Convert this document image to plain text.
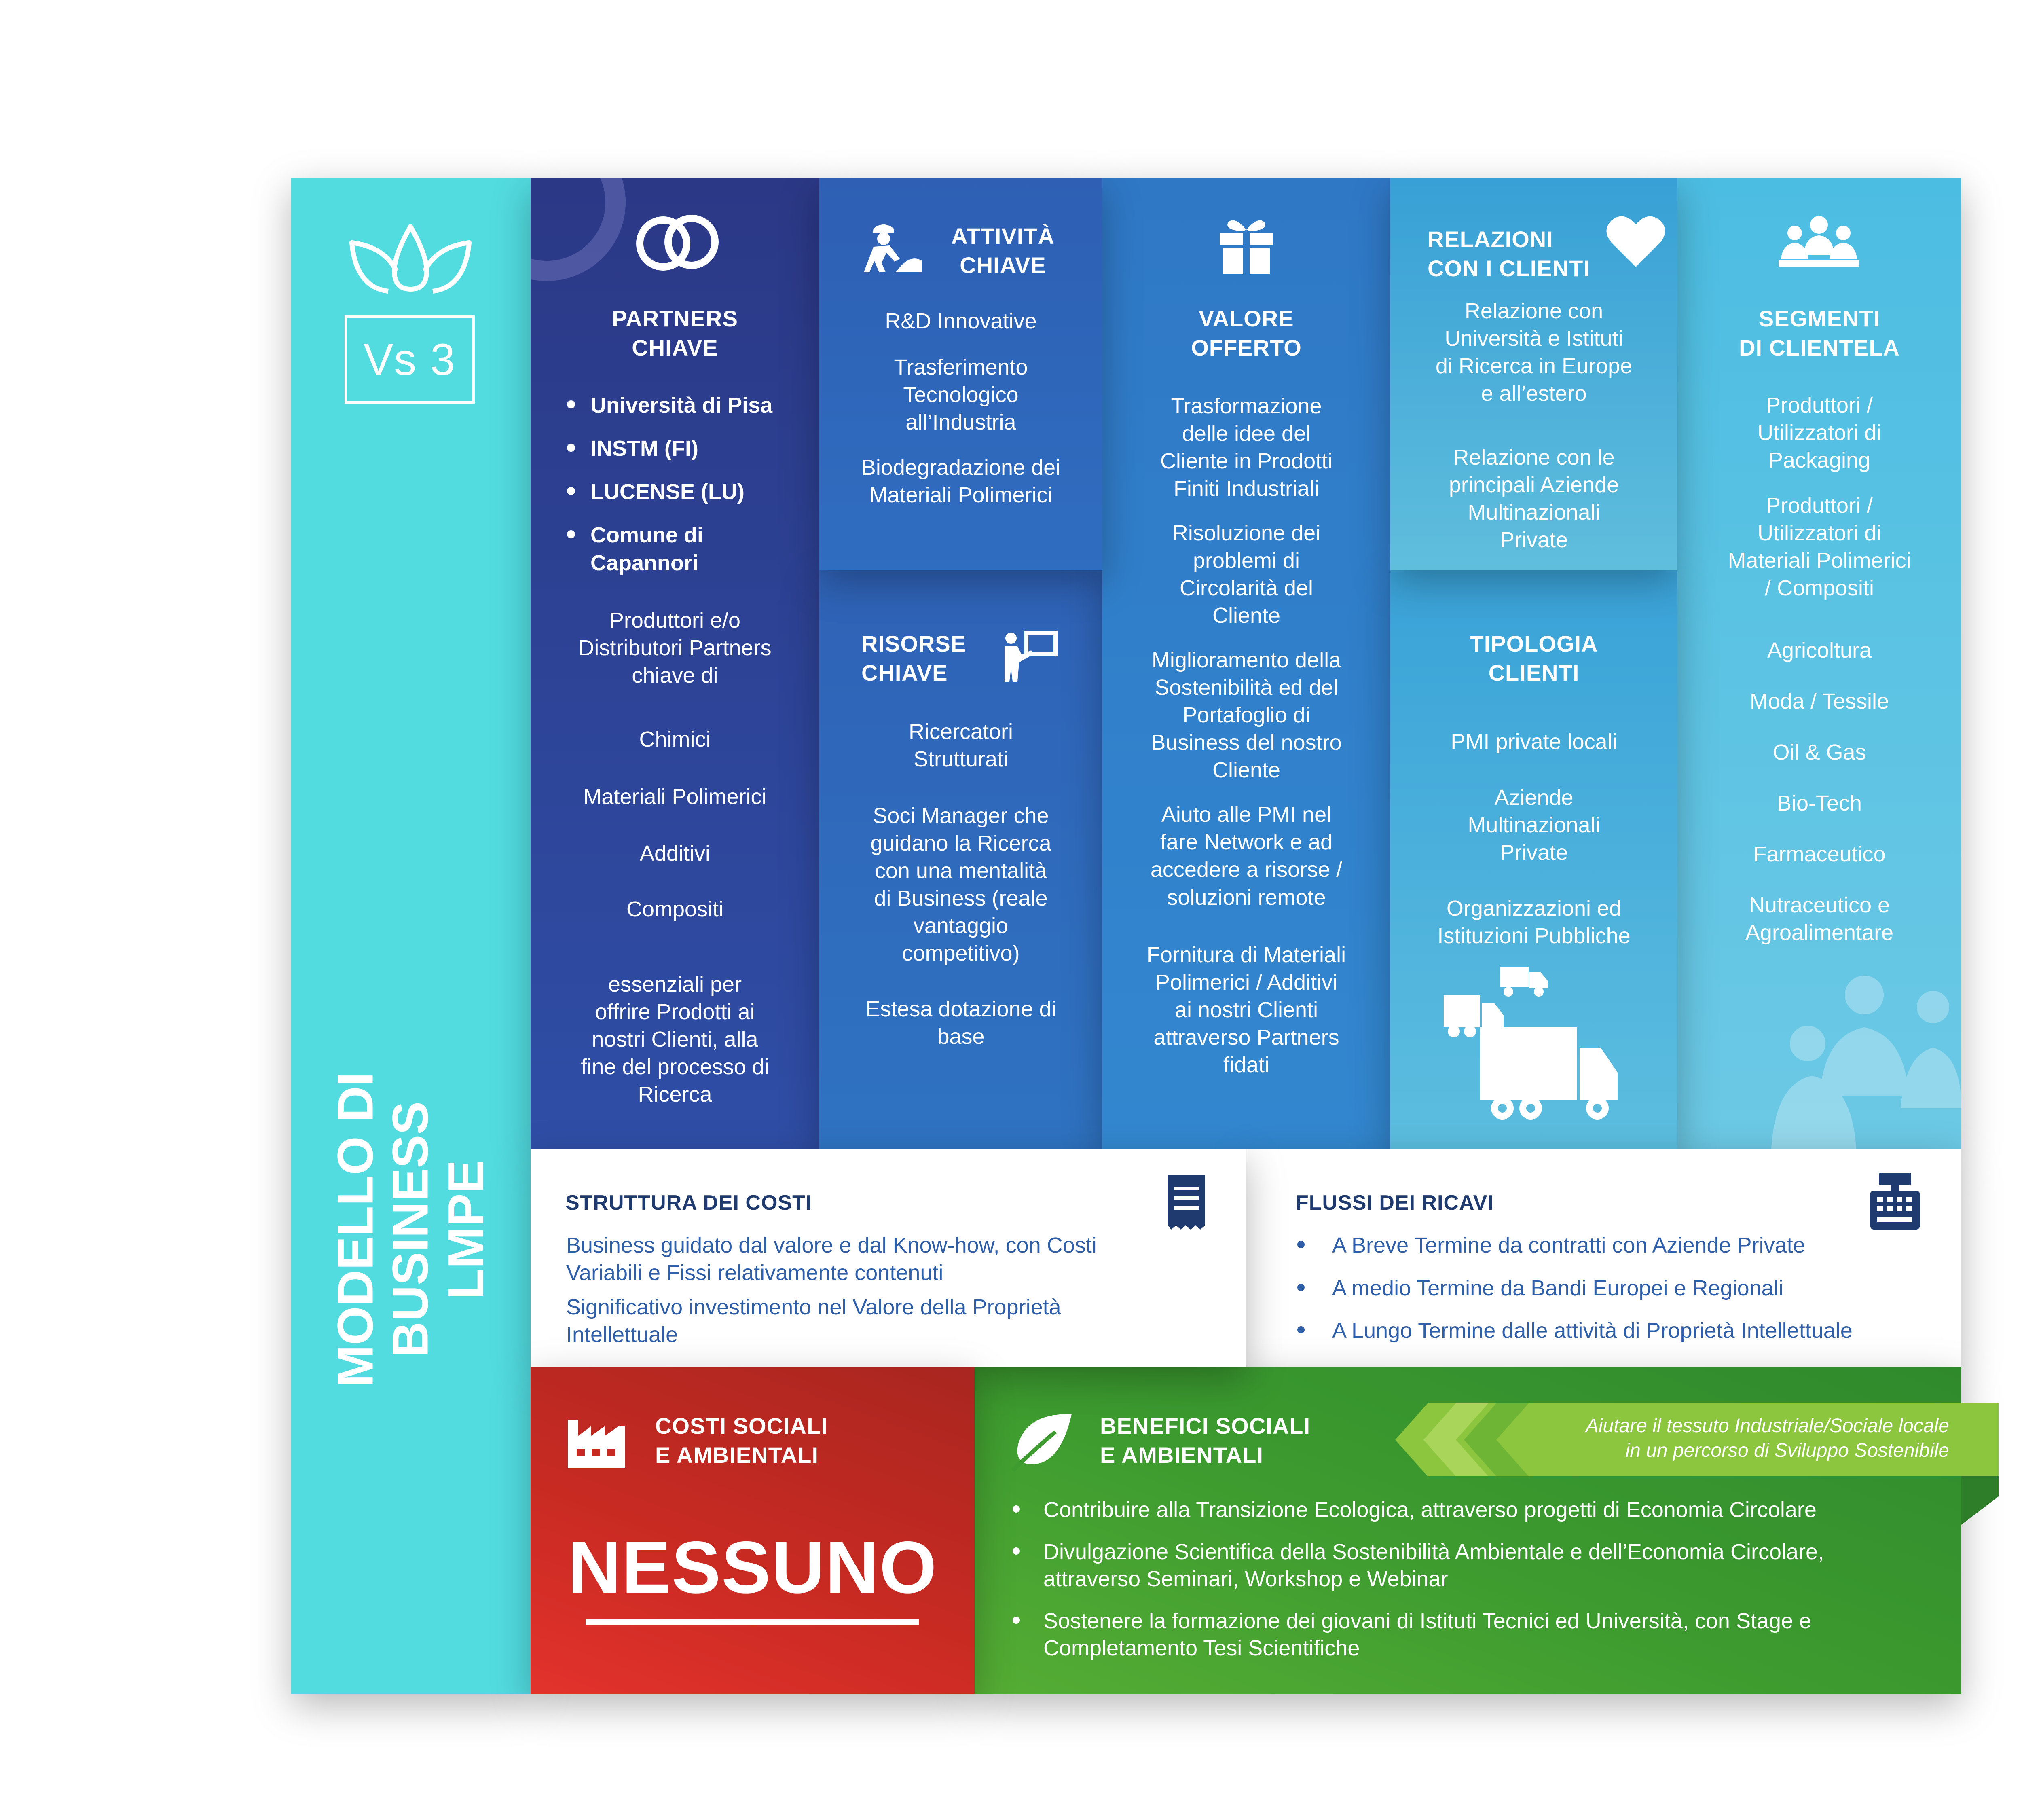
Vs 3
MODELLO DI
BUSINESS LMPE
PARTNERS
CHIAVE
Università di Pisa
INSTM (FI)
LUCENSE (LU)
Comune di
Capannori
Produttori e/o
Distributori Partners
chiave di
Chimici
Materiali Polimerici
Additivi
Compositi
essenziali per
offrire Prodotti ai
nostri Clienti, alla
fine del processo di
Ricerca
ATTIVITÀ
CHIAVE
R&D Innovative
Trasferimento
Tecnologico
all’Industria
Biodegradazione dei
Materiali Polimerici
RISORSE
CHIAVE
Ricercatori
Strutturati
Soci Manager che
guidano la Ricerca
con una mentalità
di Business (reale
vantaggio
competitivo)
Estesa dotazione di
base
VALORE
OFFERTO
Trasformazione
delle idee del
Cliente in Prodotti
Finiti Industriali
Risoluzione dei
problemi di
Circolarità del
Cliente
Miglioramento della
Sostenibilità ed del
Portafoglio di
Business del nostro
Cliente
Aiuto alle PMI nel
fare Network e ad
accedere a risorse /
soluzioni remote
Fornitura di Materiali
Polimerici / Additivi
ai nostri Clienti
attraverso Partners
fidati
RELAZIONI
CON I CLIENTI
Relazione con
Università e Istituti
di Ricerca in Europe
e all’estero
Relazione con le
principali Aziende
Multinazionali
Private
TIPOLOGIA
CLIENTI
PMI private locali
Aziende
Multinazionali
Private
Organizzazioni ed
Istituzioni Pubbliche
SEGMENTI
DI CLIENTELA
Produttori /
Utilizzatori di
Packaging
Produttori /
Utilizzatori di
Materiali Polimerici
/ Compositi
Agricoltura
Moda / Tessile
Oil & Gas
Bio-Tech
Farmaceutico
Nutraceutico e
Agroalimentare
STRUTTURA DEI COSTI
Business guidato dal valore e dal Know-how, con Costi
Variabili e Fissi relativamente contenuti
Significativo investimento nel Valore della Proprietà
Intellettuale
FLUSSI DEI RICAVI
A Breve Termine da contratti con Aziende Private
A medio Termine da Bandi Europei e Regionali
A Lungo Termine dalle attività di Proprietà Intellettuale
COSTI SOCIALI
E AMBIENTALI
NESSUNO
BENEFICI SOCIALI
E AMBIENTALI
Aiutare il tessuto Industriale/Sociale locale
in un percorso di Sviluppo Sostenibile
Contribuire alla Transizione Ecologica, attraverso progetti di Economia Circolare
Divulgazione Scientifica della Sostenibilità Ambientale e dell’Economia Circolare,
attraverso Seminari, Workshop e Webinar
Sostenere la formazione dei giovani di Istituti Tecnici ed Università, con Stage e
Completamento Tesi Scientifiche
